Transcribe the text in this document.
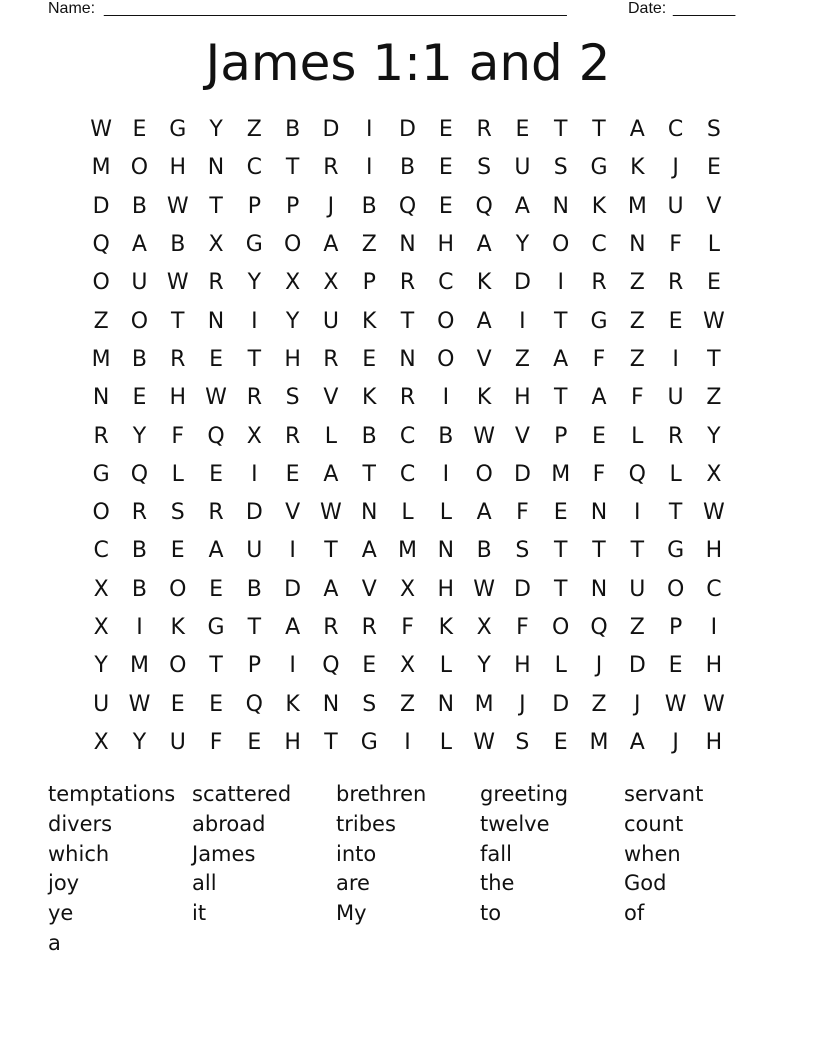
Name: ____________________________________________________	Date: _______
James 1:1 and 2
W E	G	Y	Z	B	D	I	D	E	R	E	T	T	A	C	S
M O H N	C	T	R	I	B	E	S	U	S	G	K	J	E
D	B W T	P	P	J	B	Q	E	Q	A	N	K M U	V
Q	A	B	X	G O	A	Z	N H	A	Y	O C	N	F	L
O U W R	Y	X	X	P	R	C	K	D	I	R	Z	R	E
Z	O	T	N	I	Y	U	K	T	O	A	I	T	G	Z	E W
M B	R	E	T	H	R	E	N O	V	Z	A	F	Z	I	T
N	E	H W R	S	V	K	R	I	K	H	T	A	F	U	Z
R	Y	F	Q	X	R	L	B	C	B W V	P	E	L	R	Y
G Q	L	E	I	E	A	T	C	I	O D M	F	Q	L	X
O R	S	R	D	V W N	L	L	A	F	E	N	I	T W
C	B	E	A	U	I	T	A M N	B	S	T	T	T	G H
X	B	O	E	B	D	A	V	X	H W D	T	N	U O C
X	I	K	G	T	A	R	R	F	K	X	F	O Q	Z	P	I
Y	M O	T	P	I	Q	E	X	L	Y	H	L	J	D	E	H
U W E	E	Q	K	N	S	Z	N M	J	D	Z	J	W W
X	Y	U	F	E	H	T	G	I	L W S	E M A	J	H
temptations scattered	brethren	greeting	servant
divers	abroad	tribes	twelve	count
which	James	into	fall	when
joy	all	are	the	God
ye	it	My	to	of
a
